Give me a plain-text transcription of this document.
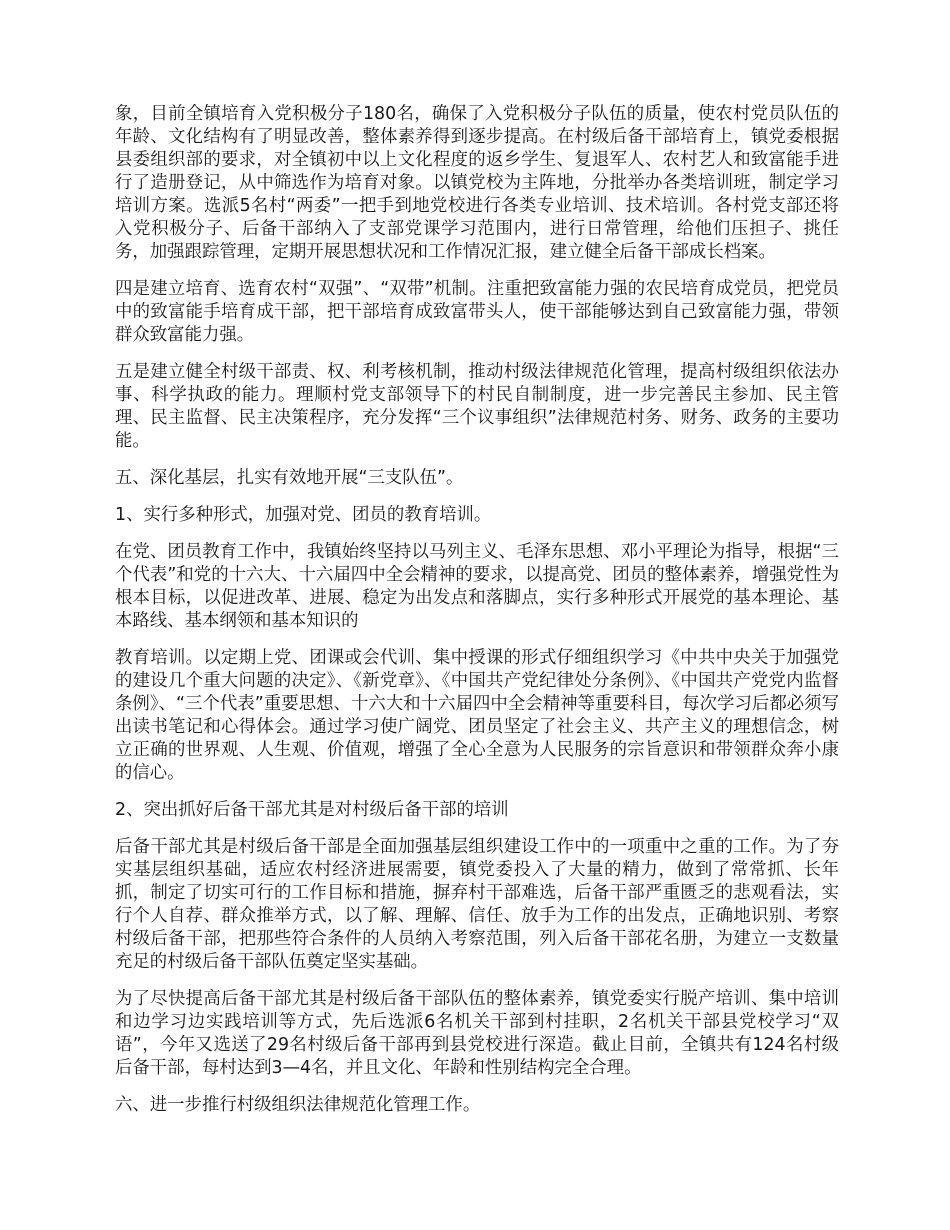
象，目前全镇培育入党积极分子180名，确保了入党积极分子队伍的质量，使农村党员队伍的年龄、文化结构有了明显改善，整体素养得到逐步提高。在村级后备干部培育上，镇党委根据县委组织部的要求，对全镇初中以上文化程度的返乡学生、复退军人、农村艺人和致富能手进行了造册登记，从中筛选作为培育对象。以镇党校为主阵地，分批举办各类培训班，制定学习培训方案。选派5名村“两委”一把手到地党校进行各类专业培训、技术培训。各村党支部还将入党积极分子、后备干部纳入了支部党课学习范围内，进行日常管理，给他们压担子、挑任务，加强跟踪管理，定期开展思想状况和工作情况汇报，建立健全后备干部成长档案。

四是建立培育、选育农村“双强”、“双带”机制。注重把致富能力强的农民培育成党员，把党员中的致富能手培育成干部，把干部培育成致富带头人，使干部能够达到自己致富能力强，带领群众致富能力强。

五是建立健全村级干部责、权、利考核机制，推动村级法律规范化管理，提高村级组织依法办事、科学执政的能力。理顺村党支部领导下的村民自制制度，进一步完善民主参加、民主管理、民主监督、民主决策程序，充分发挥“三个议事组织”法律规范村务、财务、政务的主要功能。

五、深化基层，扎实有效地开展“三支队伍”。

1、实行多种形式，加强对党、团员的教育培训。

在党、团员教育工作中，我镇始终坚持以马列主义、毛泽东思想、邓小平理论为指导，根据“三个代表”和党的十六大、十六届四中全会精神的要求，以提高党、团员的整体素养，增强党性为根本目标，以促进改革、进展、稳定为出发点和落脚点，实行多种形式开展党的基本理论、基本路线、基本纲领和基本知识的

教育培训。以定期上党、团课或会代训、集中授课的形式仔细组织学习《中共中央关于加强党的建设几个重大问题的决定》、《新党章》、《中国共产党纪律处分条例》、《中国共产党党内监督条例》、“三个代表”重要思想、十六大和十六届四中全会精神等重要科目，每次学习后都必须写出读书笔记和心得体会。通过学习使广阔党、团员坚定了社会主义、共产主义的理想信念，树立正确的世界观、人生观、价值观，增强了全心全意为人民服务的宗旨意识和带领群众奔小康的信心。

2、突出抓好后备干部尤其是对村级后备干部的培训

后备干部尤其是村级后备干部是全面加强基层组织建设工作中的一项重中之重的工作。为了夯实基层组织基础，适应农村经济进展需要，镇党委投入了大量的精力，做到了常常抓、长年抓，制定了切实可行的工作目标和措施，摒弃村干部难选，后备干部严重匮乏的悲观看法，实行个人自荐、群众推举方式，以了解、理解、信任、放手为工作的出发点，正确地识别、考察村级后备干部，把那些符合条件的人员纳入考察范围，列入后备干部花名册，为建立一支数量充足的村级后备干部队伍奠定坚实基础。

为了尽快提高后备干部尤其是村级后备干部队伍的整体素养，镇党委实行脱产培训、集中培训和边学习边实践培训等方式，先后选派6名机关干部到村挂职，2名机关干部县党校学习“双语”，今年又选送了29名村级后备干部再到县党校进行深造。截止目前，全镇共有124名村级后备干部，每村达到3—4名，并且文化、年龄和性别结构完全合理。

六、进一步推行村级组织法律规范化管理工作。
